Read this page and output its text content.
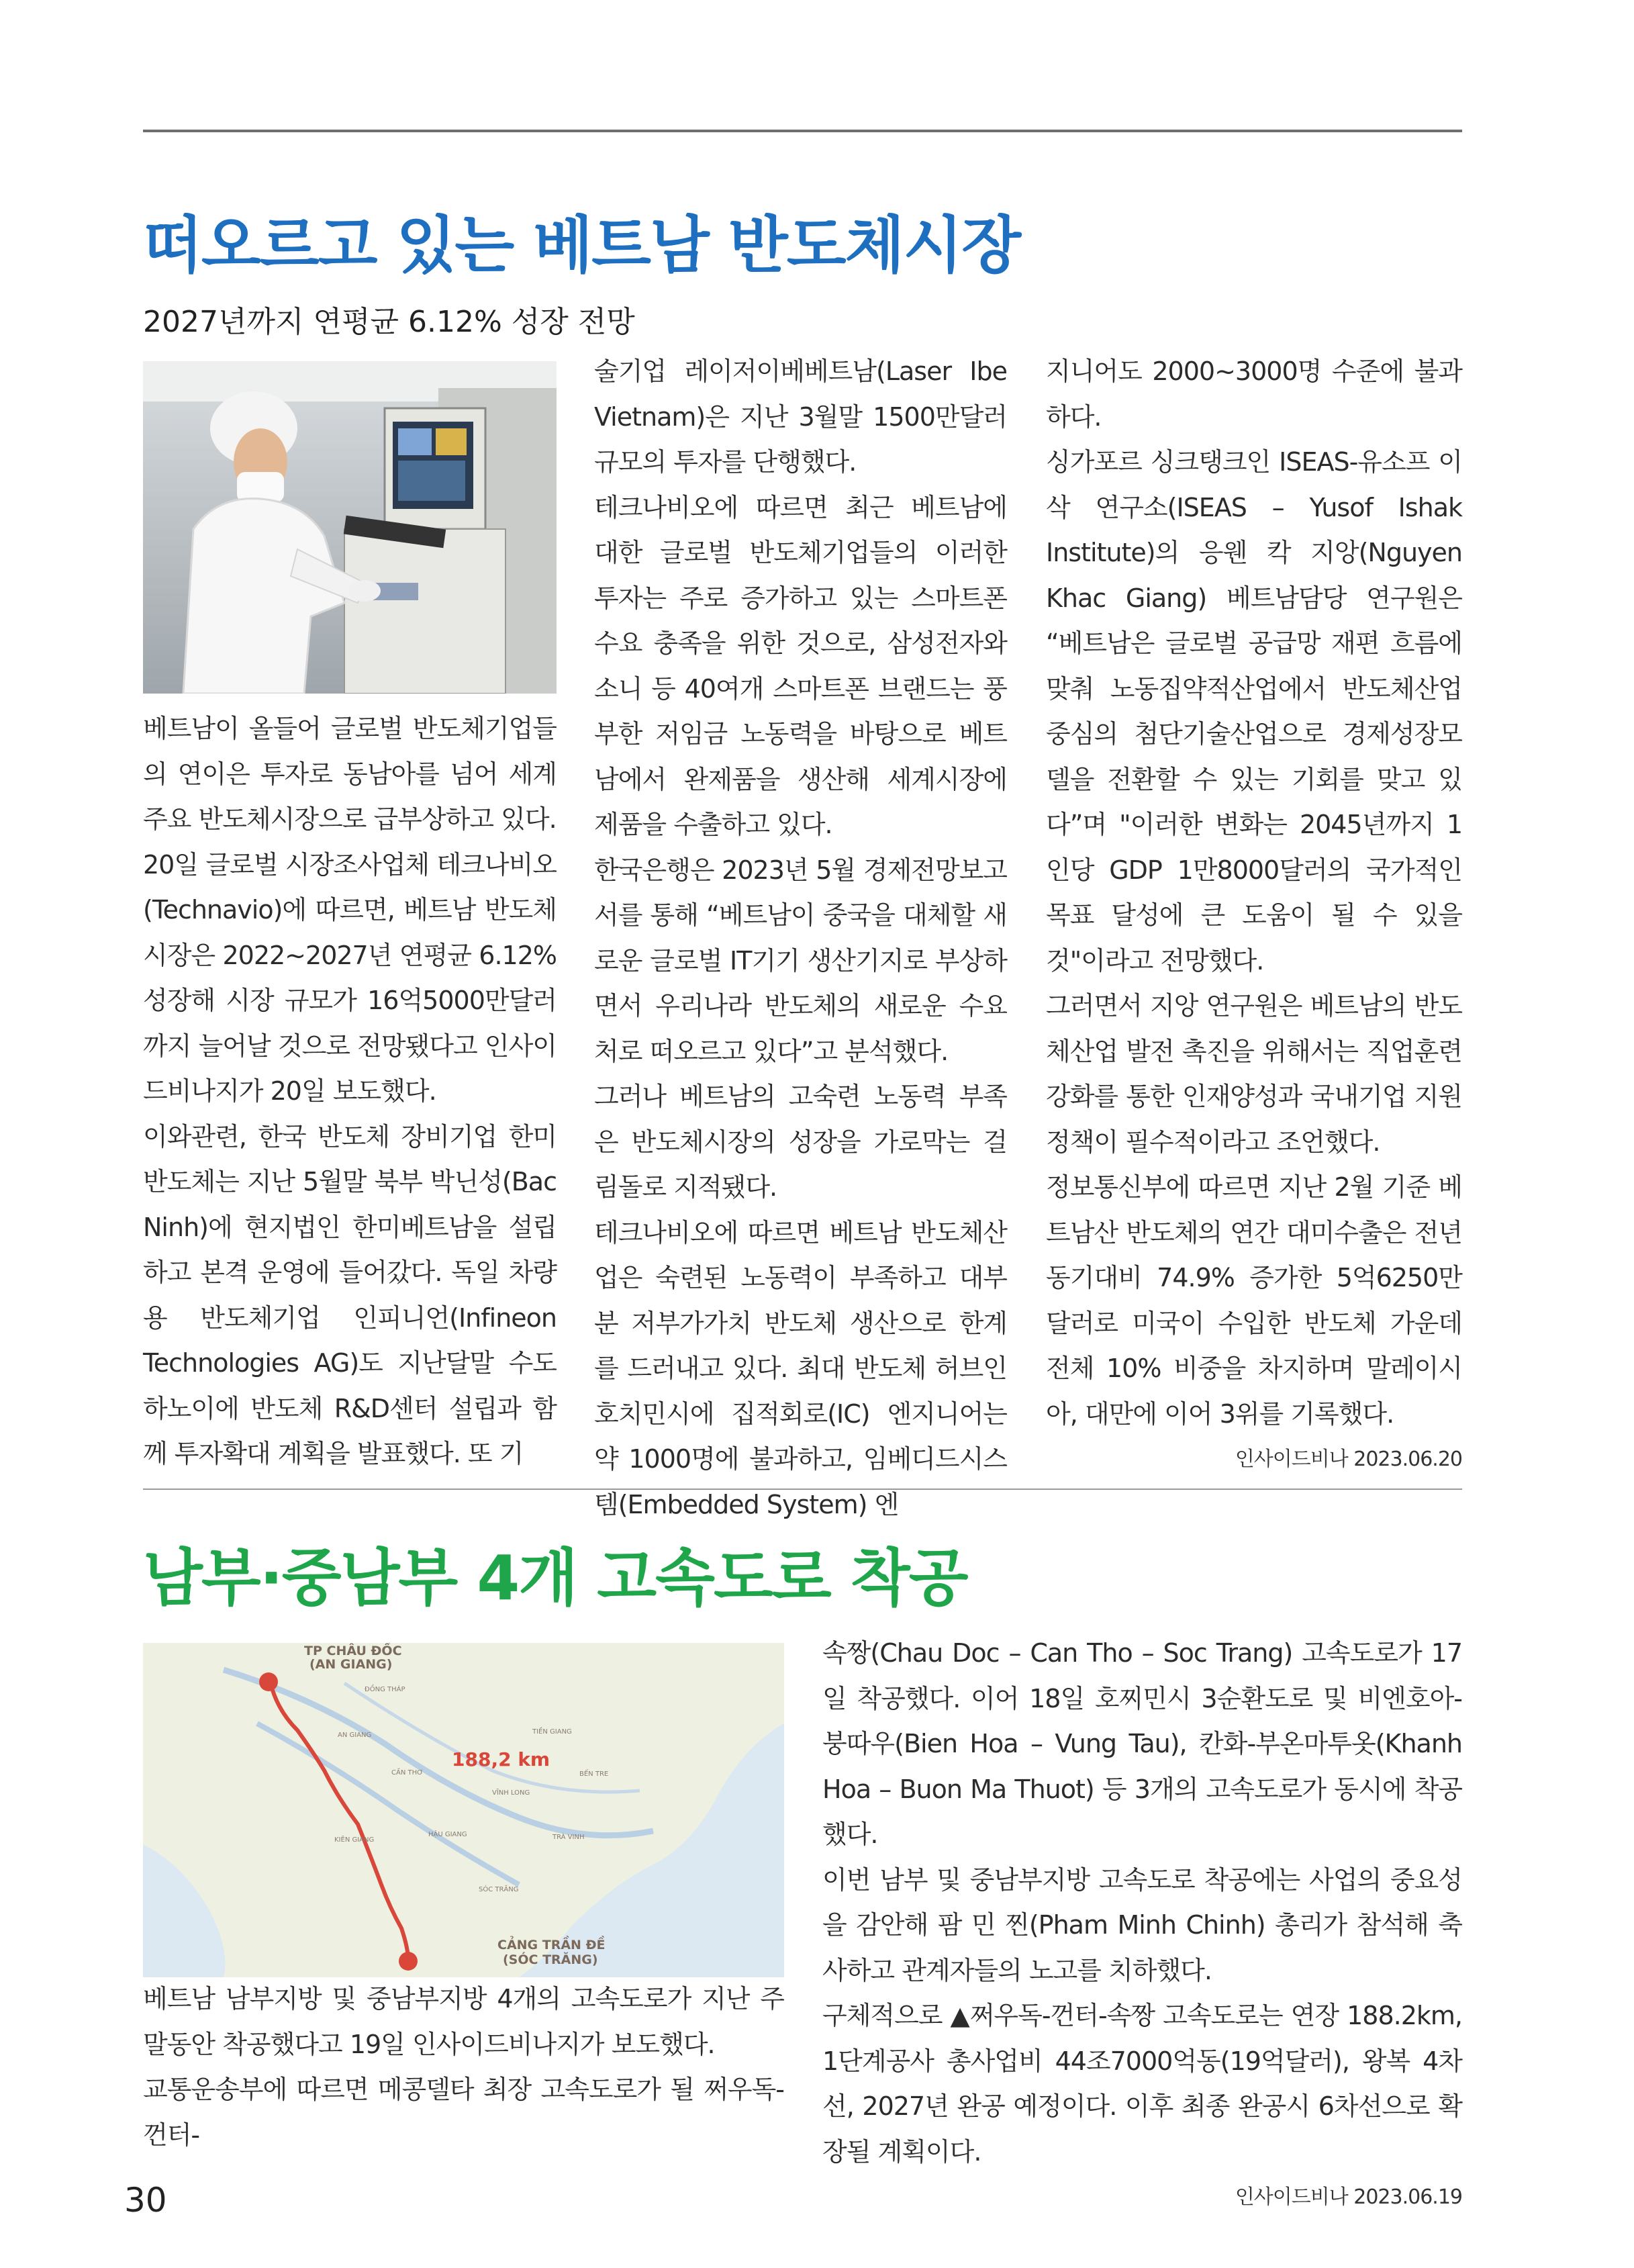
떠오르고 있는 베트남 반도체시장
2027년까지 연평균 6.12% 성장 전망

베트남이 올들어 글로벌 반도체기업들의 연이은 투자로 동남아를 넘어 세계 주요 반도체시장으로 급부상하고 있다.

20일 글로벌 시장조사업체 테크나비오(Technavio)에 따르면, 베트남 반도체시장은 2022~2027년 연평균 6.12% 성장해 시장 규모가 16억5000만달러까지 늘어날 것으로 전망됐다고 인사이드비나지가 20일 보도했다.

이와관련, 한국 반도체 장비기업 한미반도체는 지난 5월말 북부 박닌성(Bac Ninh)에 현지법인 한미베트남을 설립하고 본격 운영에 들어갔다. 독일 차량용 반도체기업 인피니언(Infineon Technologies AG)도 지난달말 수도 하노이에 반도체 R&D센터 설립과 함께 투자확대 계획을 발표했다. 또 기

술기업 레이저이베베트남(Laser Ibe Vietnam)은 지난 3월말 1500만달러 규모의 투자를 단행했다.

테크나비오에 따르면 최근 베트남에 대한 글로벌 반도체기업들의 이러한 투자는 주로 증가하고 있는 스마트폰 수요 충족을 위한 것으로, 삼성전자와 소니 등 40여개 스마트폰 브랜드는 풍부한 저임금 노동력을 바탕으로 베트남에서 완제품을 생산해 세계시장에 제품을 수출하고 있다.

한국은행은 2023년 5월 경제전망보고서를 통해 “베트남이 중국을 대체할 새로운 글로벌 IT기기 생산기지로 부상하면서 우리나라 반도체의 새로운 수요처로 떠오르고 있다”고 분석했다.

그러나 베트남의 고숙련 노동력 부족은 반도체시장의 성장을 가로막는 걸림돌로 지적됐다.

테크나비오에 따르면 베트남 반도체산업은 숙련된 노동력이 부족하고 대부분 저부가가치 반도체 생산으로 한계를 드러내고 있다. 최대 반도체 허브인 호치민시에 집적회로(IC) 엔지니어는 약 1000명에 불과하고, 임베디드시스템(Embedded System) 엔

지니어도 2000~3000명 수준에 불과하다.

싱가포르 싱크탱크인 ISEAS-유소프 이삭 연구소(ISEAS – Yusof Ishak Institute)의 응웬 칵 지앙(Nguyen Khac Giang) 베트남담당 연구원은 “베트남은 글로벌 공급망 재편 흐름에 맞춰 노동집약적산업에서 반도체산업 중심의 첨단기술산업으로 경제성장모델을 전환할 수 있는 기회를 맞고 있다”며 "이러한 변화는 2045년까지 1인당 GDP 1만8000달러의 국가적인 목표 달성에 큰 도움이 될 수 있을 것"이라고 전망했다.

그러면서 지앙 연구원은 베트남의 반도체산업 발전 촉진을 위해서는 직업훈련 강화를 통한 인재양성과 국내기업 지원정책이 필수적이라고 조언했다.

정보통신부에 따르면 지난 2월 기준 베트남산 반도체의 연간 대미수출은 전년동기대비 74.9% 증가한 5억6250만달러로 미국이 수입한 반도체 가운데 전체 10% 비중을 차지하며 말레이시아, 대만에 이어 3위를 기록했다.

인사이드비나 2023.06.20

남부·중남부 4개 고속도로 착공
TP CHÂU ĐỐC
(AN GIANG)
ĐỒNG THÁP
AN GIANG	TIỀN GIANG
188,2 km
CẦN THƠ	BẾN TRE
VĨNH LONG
HẬU GIANG
KIÊN GIANG	TRÀ VINH
SÓC TRĂNG
CẢNG TRẦN ĐỀ
(SÓC TRĂNG)

베트남 남부지방 및 중남부지방 4개의 고속도로가 지난 주말동안 착공했다고 19일 인사이드비나지가 보도했다.

교통운송부에 따르면 메콩델타 최장 고속도로가 될 쩌우독-껀터-

속짱(Chau Doc – Can Tho – Soc Trang) 고속도로가 17일 착공했다. 이어 18일 호찌민시 3순환도로 및 비엔호아-붕따우(Bien Hoa – Vung Tau), 칸화-부온마투옷(Khanh Hoa – Buon Ma Thuot) 등 3개의 고속도로가 동시에 착공했다.

이번 남부 및 중남부지방 고속도로 착공에는 사업의 중요성을 감안해 팜 민 찐(Pham Minh Chinh) 총리가 참석해 축사하고 관계자들의 노고를 치하했다.

구체적으로 ▲쩌우독-껀터-속짱 고속도로는 연장 188.2km, 1단계공사 총사업비 44조7000억동(19억달러), 왕복 4차선, 2027년 완공 예정이다. 이후 최종 완공시 6차선으로 확장될 계획이다.

인사이드비나 2023.06.19

30
